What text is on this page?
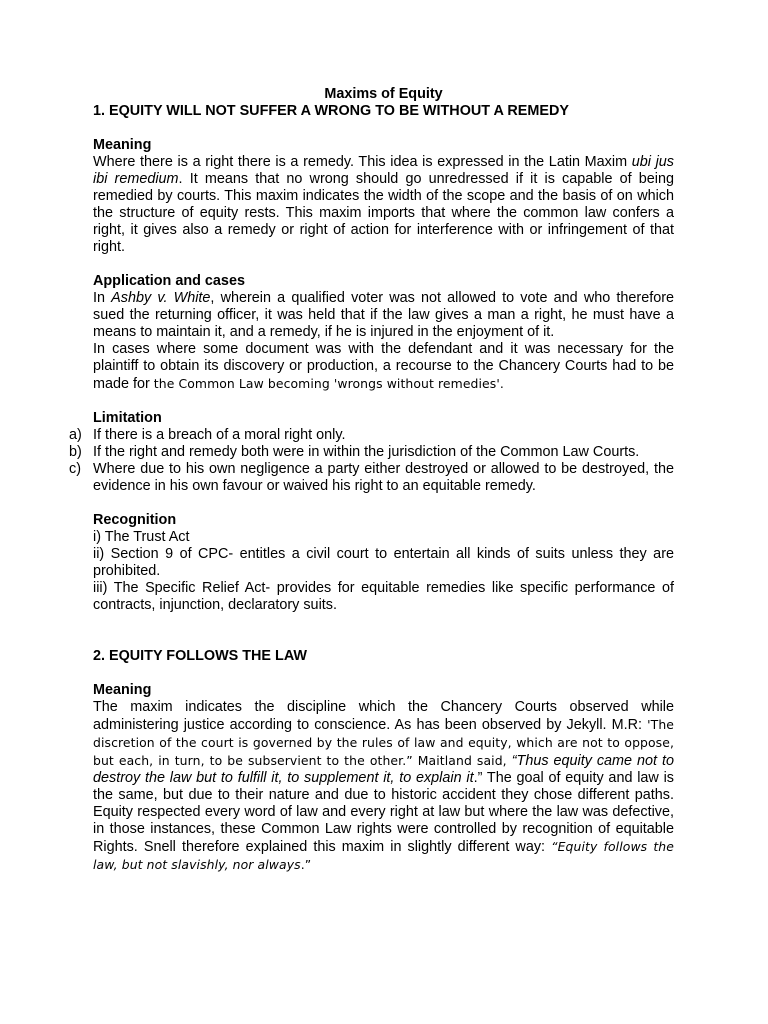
Maxims of Equity
1. EQUITY WILL NOT SUFFER A WRONG TO BE WITHOUT A REMEDY
Meaning

Where there is a right there is a remedy. This idea is expressed in the Latin Maxim ubi jus ibi remedium. It means that no wrong should go unredressed if it is capable of being remedied by courts. This maxim indicates the width of the scope and the basis of on which the structure of equity rests. This maxim imports that where the common law confers a right, it gives also a remedy or right of action for interference with or infringement of that right.

Application and cases

In Ashby v. White, wherein a qualified voter was not allowed to vote and who therefore sued the returning officer, it was held that if the law gives a man a right, he must have a means to maintain it, and a remedy, if he is injured in the enjoyment of it.

In cases where some document was with the defendant and it was necessary for the plaintiff to obtain its discovery or production, a recourse to the Chancery Courts had to be made for the Common Law becoming 'wrongs without remedies'.

Limitation
a) If there is a breach of a moral right only.

b) If the right and remedy both were in within the jurisdiction of the Common Law Courts.

c) Where due to his own negligence a party either destroyed or allowed to be destroyed, the evidence in his own favour or waived his right to an equitable remedy.

Recognition

i) The Trust Act

ii) Section 9 of CPC- entitles a civil court to entertain all kinds of suits unless they are prohibited.

iii) The Specific Relief Act- provides for equitable remedies like specific performance of contracts, injunction, declaratory suits.

2. EQUITY FOLLOWS THE LAW
Meaning

The maxim indicates the discipline which the Chancery Courts observed while administering justice according to conscience. As has been observed by Jekyll. M.R: 'The discretion of the court is governed by the rules of law and equity, which are not to oppose, but each, in turn, to be subservient to the other.” Maitland said, “Thus equity came not to destroy the law but to fulfill it, to supplement it, to explain it.” The goal of equity and law is the same, but due to their nature and due to historic accident they chose different paths. Equity respected every word of law and every right at law but where the law was defective, in those instances, these Common Law rights were controlled by recognition of equitable Rights. Snell therefore explained this maxim in slightly different way: “Equity follows the law, but not slavishly, nor always.”
